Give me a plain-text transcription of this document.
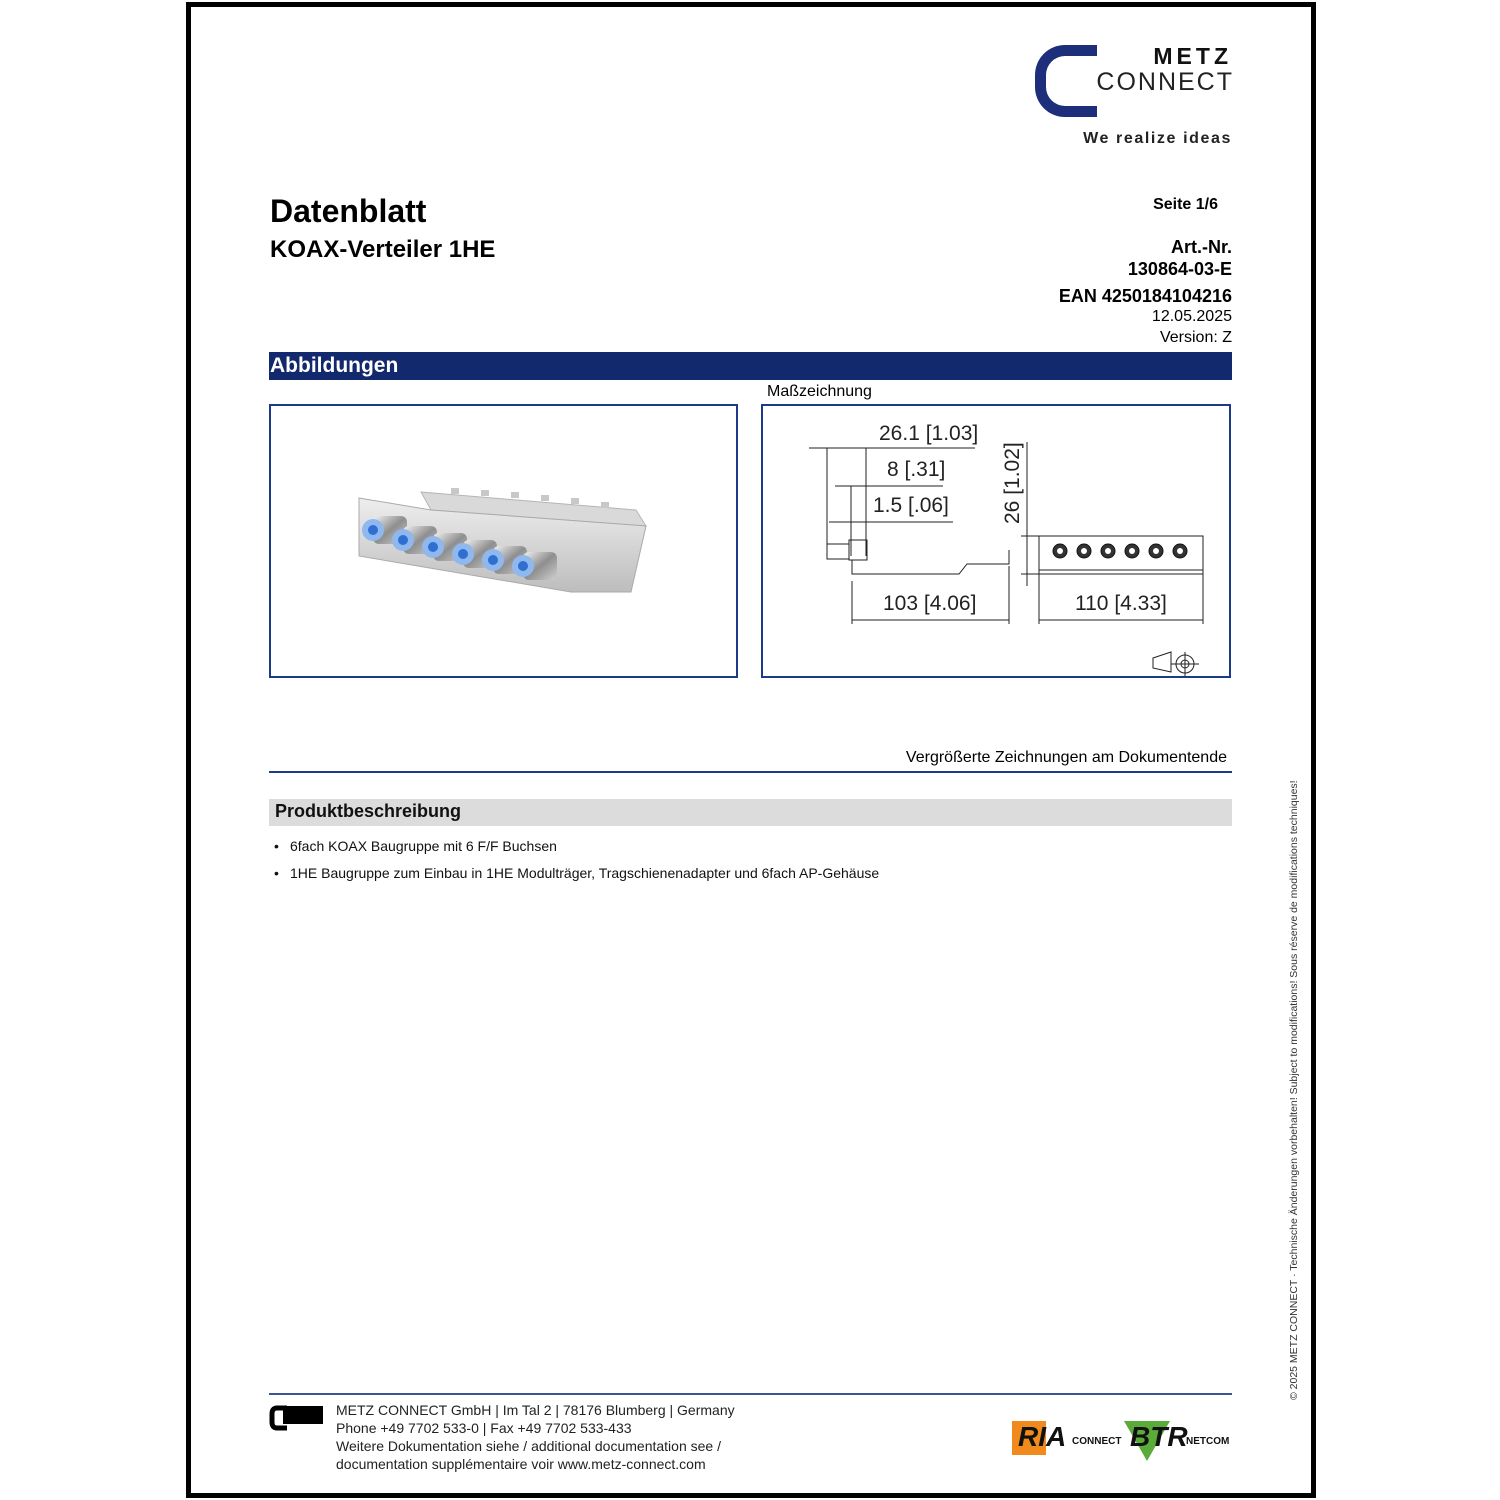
METZ
CONNECT
We realize ideas
Datenblatt
KOAX-Verteiler 1HE
Seite 1/6
Art.-Nr.
130864-03-E
EAN 4250184104216
12.05.2025
Version: Z
Abbildungen
Maßzeichnung
26.1 [1.03]
8 [.31]
1.5 [.06]
103 [4.06]	110 [4.33]
26 [1.02]
Vergrößerte Zeichnungen am Dokumentende
Produktbeschreibung
• 6fach KOAX Baugruppe mit 6 F/F Buchsen
• 1HE Baugruppe zum Einbau in 1HE Modulträger, Tragschienenadapter und 6fach AP-Gehäuse	© 2025 METZ CONNECT · Technische Änderungen vorbehalten! Subject to modifications! Sous réserve de modifications techniques!
METZ CONNECT GmbH | Im Tal 2 | 78176 Blumberg | Germany
Phone +49 7702 533-0 | Fax +49 7702 533-433
Weitere Dokumentation siehe / additional documentation see /
documentation supplémentaire voir www.metz-connect.com
RIA CONNECT BTR
NETCOM
